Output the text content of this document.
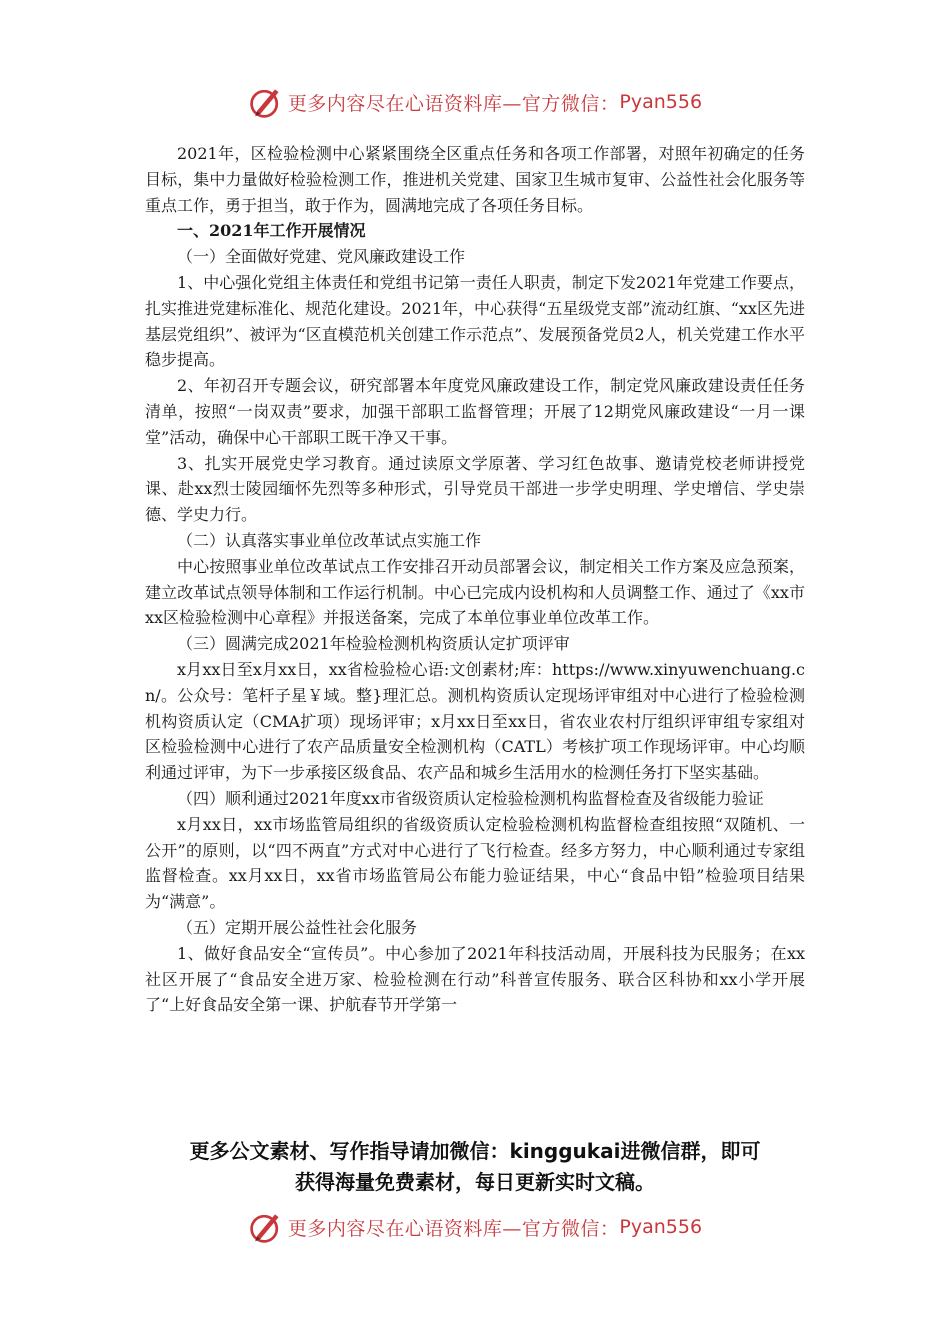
更多内容尽在心语资料库—官方微信： Pyan556

2021年，区检验检测中心紧紧围绕全区重点任务和各项工作部署，对照年初确定的任务目标，集中力量做好检验检测工作，推进机关党建、国家卫生城市复审、公益性社会化服务等重点工作，勇于担当，敢于作为，圆满地完成了各项任务目标。

一、2021年工作开展情况

（一）全面做好党建、党风廉政建设工作

1、中心强化党组主体责任和党组书记第一责任人职责，制定下发2021年党建工作要点，扎实推进党建标准化、规范化建设。2021年，中心获得“五星级党支部”流动红旗、“xx区先进基层党组织”、被评为“区直模范机关创建工作示范点”、发展预备党员2人，机关党建工作水平稳步提高。

2、年初召开专题会议，研究部署本年度党风廉政建设工作，制定党风廉政建设责任任务清单，按照“一岗双责”要求，加强干部职工监督管理；开展了12期党风廉政建设“一月一课堂”活动，确保中心干部职工既干净又干事。

3、扎实开展党史学习教育。通过读原文学原著、学习红色故事、邀请党校老师讲授党课、赴xx烈士陵园缅怀先烈等多种形式，引导党员干部进一步学史明理、学史增信、学史崇德、学史力行。

（二）认真落实事业单位改革试点实施工作

中心按照事业单位改革试点工作安排召开动员部署会议，制定相关工作方案及应急预案，建立改革试点领导体制和工作运行机制。中心已完成内设机构和人员调整工作、通过了《xx市xx区检验检测中心章程》并报送备案，完成了本单位事业单位改革工作。

（三）圆满完成2021年检验检测机构资质认定扩项评审

x月xx日至x月xx日，xx省检验检心语:文创素材;库：https://www.xinyuwenchuang.cn/。公众号：笔杆子星￥域。整}理汇总。测机构资质认定现场评审组对中心进行了检验检测机构资质认定（CMA扩项）现场评审；x月xx日至xx日，省农业农村厅组织评审组专家组对区检验检测中心进行了农产品质量安全检测机构（CATL）考核扩项工作现场评审。中心均顺利通过评审，为下一步承接区级食品、农产品和城乡生活用水的检测任务打下坚实基础。

（四）顺利通过2021年度xx市省级资质认定检验检测机构监督检查及省级能力验证

x月xx日，xx市场监管局组织的省级资质认定检验检测机构监督检查组按照“双随机、一公开”的原则，以“四不两直”方式对中心进行了飞行检查。经多方努力，中心顺利通过专家组监督检查。xx月xx日，xx省市场监管局公布能力验证结果，中心“食品中铅”检验项目结果为“满意”。

（五）定期开展公益性社会化服务

1、做好食品安全“宣传员”。中心参加了2021年科技活动周，开展科技为民服务；在xx社区开展了“食品安全进万家、检验检测在行动”科普宣传服务、联合区科协和xx小学开展了“上好食品安全第一课、护航春节开学第一

更多公文素材、写作指导请加微信：kinggukai进微信群，即可
获得海量免费素材，每日更新实时文稿。
更多内容尽在心语资料库—官方微信： Pyan556
